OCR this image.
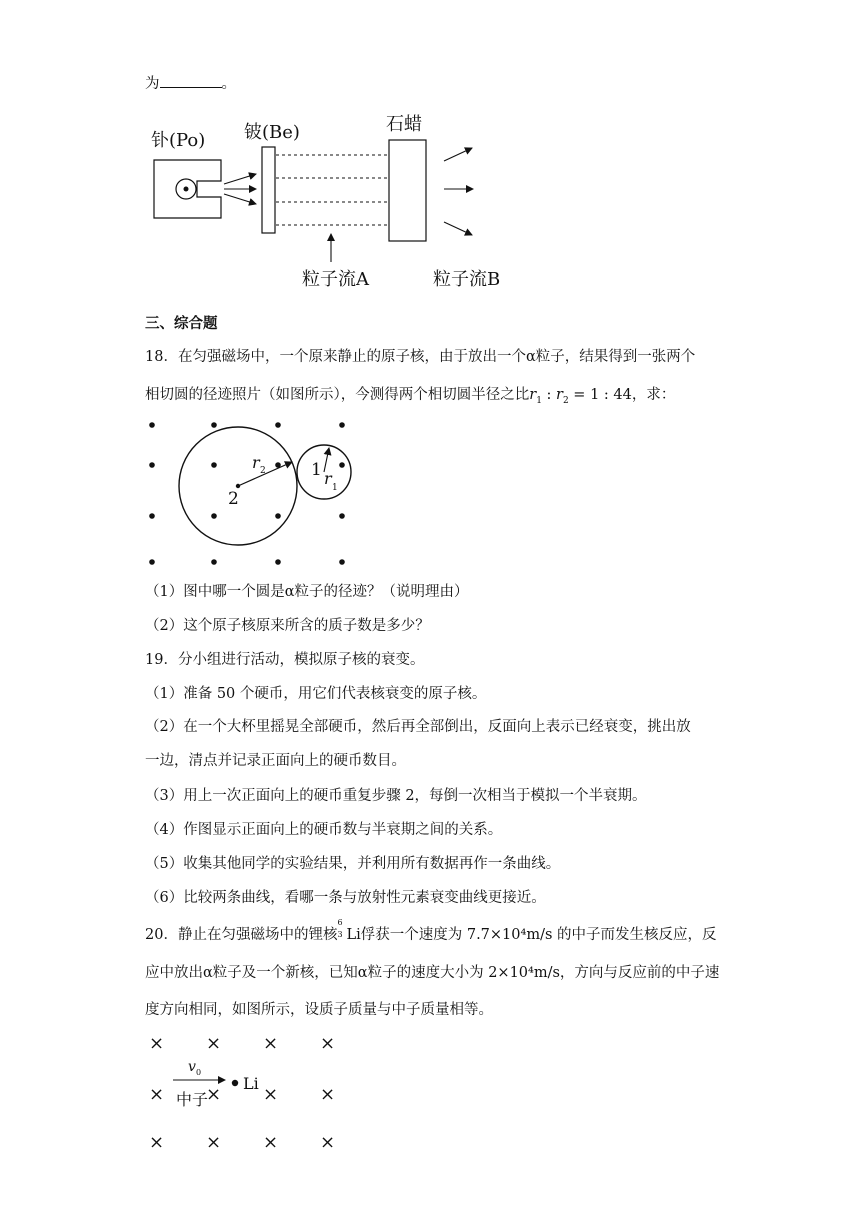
为	。
钋(Po) 铍(Be)	石蜡
粒子流A	粒子流B
三、综合题
18．在匀强磁场中，一个原来静止的原子核，由于放出一个α粒子，结果得到一张两个
相切圆的径迹照片（如图所示），今测得两个相切圆半径之比$r_1$ : $r_2 = 1$ : 44，求：
2
1
r 2	r 1
（1）图中哪一个圆是α粒子的径迹？（说明理由）
（2）这个原子核原来所含的质子数是多少？
19．分小组进行活动，模拟原子核的衰变。
（1）准备 50 个硬币，用它们代表核衰变的原子核。
（2）在一个大杯里摇晃全部硬币，然后再全部倒出，反面向上表示已经衰变，挑出放
一边，清点并记录正面向上的硬币数目。
（3）用上一次正面向上的硬币重复步骤 2，每倒一次相当于模拟一个半衰期。
（4）作图显示正面向上的硬币数与半衰期之间的关系。
（5）收集其他同学的实验结果，并利用所有数据再作一条曲线。
（6）比较两条曲线，看哪一条与放射性元素衰变曲线更接近。
20．静止在匀强磁场中的锂核
6
3 Li俘获一个速度为 7.7×10⁴m/s 的中子而发生核反应，反
应中放出α粒子及一个新核，已知α粒子的速度大小为 2×10⁴m/s，方向与反应前的中子速
度方向相同，如图所示，设质子质量与中子质量相等。
× × × ×
× × × ×
× × × ×
v 0
中子
Li
